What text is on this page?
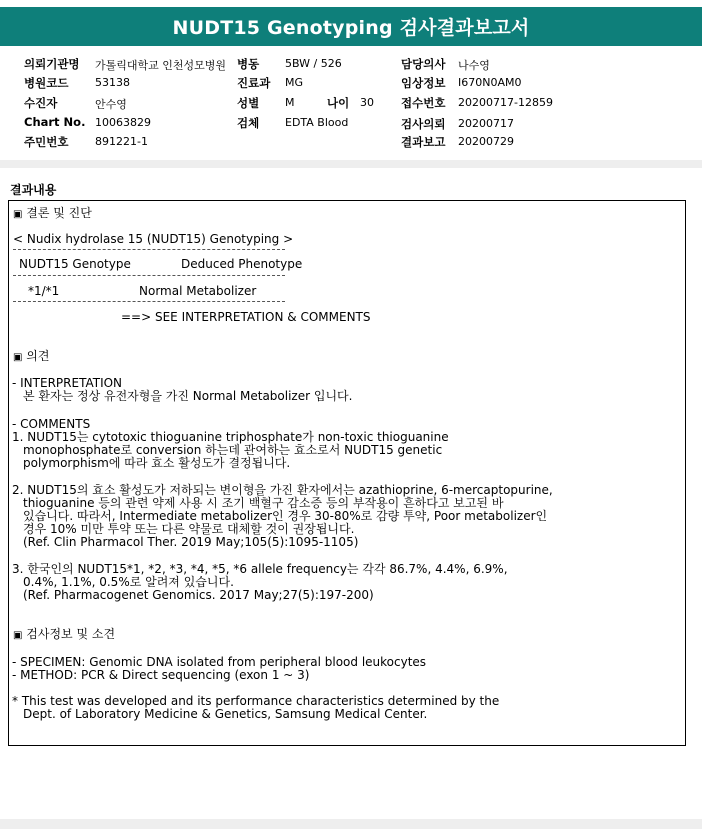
NUDT15 Genotyping 검사결과보고서
의뢰기관명 가톨릭대학교 인천성모병원 병동 5BW / 526	담당의사 나수영
병원코드 53138	진료과 MG	임상정보 I670N0AM0
수진자	안수영	성별 M	나이 30 접수번호 20200717-12859
Chart No. 10063829	검체 EDTA Blood	검사의뢰 20200717
주민번호 891221-1	결과보고 20200729
결과내용
▣ 결론 및 진단
< Nudix hydrolase 15 (NUDT15) Genotyping >
NUDT15 Genotype	Deduced Phenotype
*1/*1	Normal Metabolizer
==> SEE INTERPRETATION & COMMENTS
▣ 의견
- INTERPRETATION
본 환자는 정상 유전자형을 가진 Normal Metabolizer 입니다.
- COMMENTS
1. NUDT15는 cytotoxic thioguanine triphosphate가 non-toxic thioguanine
monophosphate로 conversion 하는데 관여하는 효소로서 NUDT15 genetic
polymorphism에 따라 효소 활성도가 결정됩니다.
2. NUDT15의 효소 활성도가 저하되는 변이형을 가진 환자에서는 azathioprine, 6-mercaptopurine,
thioguanine 등의 관련 약제 사용 시 조기 백혈구 감소증 등의 부작용이 흔하다고 보고된 바
있습니다. 따라서, Intermediate metabolizer인 경우 30-80%로 감량 투약, Poor metabolizer인
경우 10% 미만 투약 또는 다른 약물로 대체할 것이 권장됩니다.
(Ref. Clin Pharmacol Ther. 2019 May;105(5):1095-1105)
3. 한국인의 NUDT15*1, *2, *3, *4, *5, *6 allele frequency는 각각 86.7%, 4.4%, 6.9%,
0.4%, 1.1%, 0.5%로 알려져 있습니다.
(Ref. Pharmacogenet Genomics. 2017 May;27(5):197-200)
▣ 검사정보 및 소견
- SPECIMEN: Genomic DNA isolated from peripheral blood leukocytes
- METHOD: PCR & Direct sequencing (exon 1 ~ 3)
* This test was developed and its performance characteristics determined by the
Dept. of Laboratory Medicine & Genetics, Samsung Medical Center.
